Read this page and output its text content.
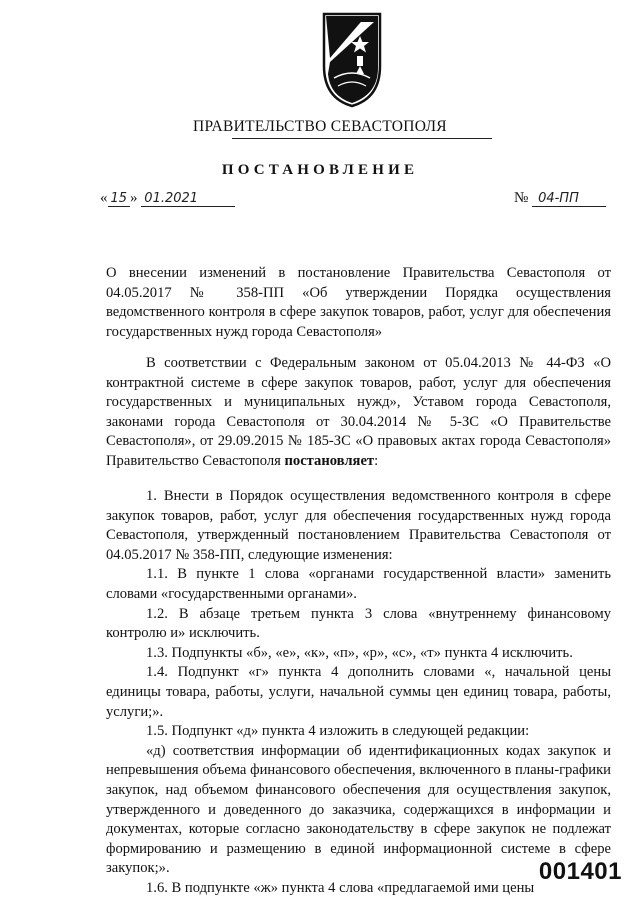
ПРАВИТЕЛЬСТВО СЕВАСТОПОЛЯ
ПОСТАНОВЛЕНИЕ
« 15 » 01.2021	№ 04-ПП
О внесении изменений в постановление Правительства Севастополя от 04.05.2017 № 358-ПП «Об утверждении Порядка осуществления ведомственного контроля в сфере закупок товаров, работ, услуг для обеспечения государственных нужд города Севастополя»
В соответствии с Федеральным законом от 05.04.2013 № 44-ФЗ «О контрактной системе в сфере закупок товаров, работ, услуг для обеспечения государственных и муниципальных нужд», Уставом города Севастополя, законами города Севастополя от 30.04.2014 № 5-ЗС «О Правительстве Севастополя», от 29.09.2015 № 185-ЗС «О правовых актах города Севастополя» Правительство Севастополя постановляет:

1. Внести в Порядок осуществления ведомственного контроля в сфере закупок товаров, работ, услуг для обеспечения государственных нужд города Севастополя, утвержденный постановлением Правительства Севастополя от 04.05.2017 № 358-ПП, следующие изменения:

1.1. В пункте 1 слова «органами государственной власти» заменить словами «государственными органами».

1.2. В абзаце третьем пункта 3 слова «внутреннему финансовому контролю и» исключить.

1.3. Подпункты «б», «е», «к», «п», «р», «с», «т» пункта 4 исключить.

1.4. Подпункт «г» пункта 4 дополнить словами «, начальной цены единицы товара, работы, услуги, начальной суммы цен единиц товара, работы, услуги;».

1.5. Подпункт «д» пункта 4 изложить в следующей редакции:

«д) соответствия информации об идентификационных кодах закупок и непревышения объема финансового обеспечения, включенного в планы-графики закупок, над объемом финансового обеспечения для осуществления закупок, утвержденного и доведенного до заказчика, содержащихся в информации и документах, которые согласно законодательству в сфере закупок не подлежат формированию и размещению в единой информационной системе в сфере закупок;».

1.6. В подпункте «ж» пункта 4 слова «предлагаемой ими цены

001401
